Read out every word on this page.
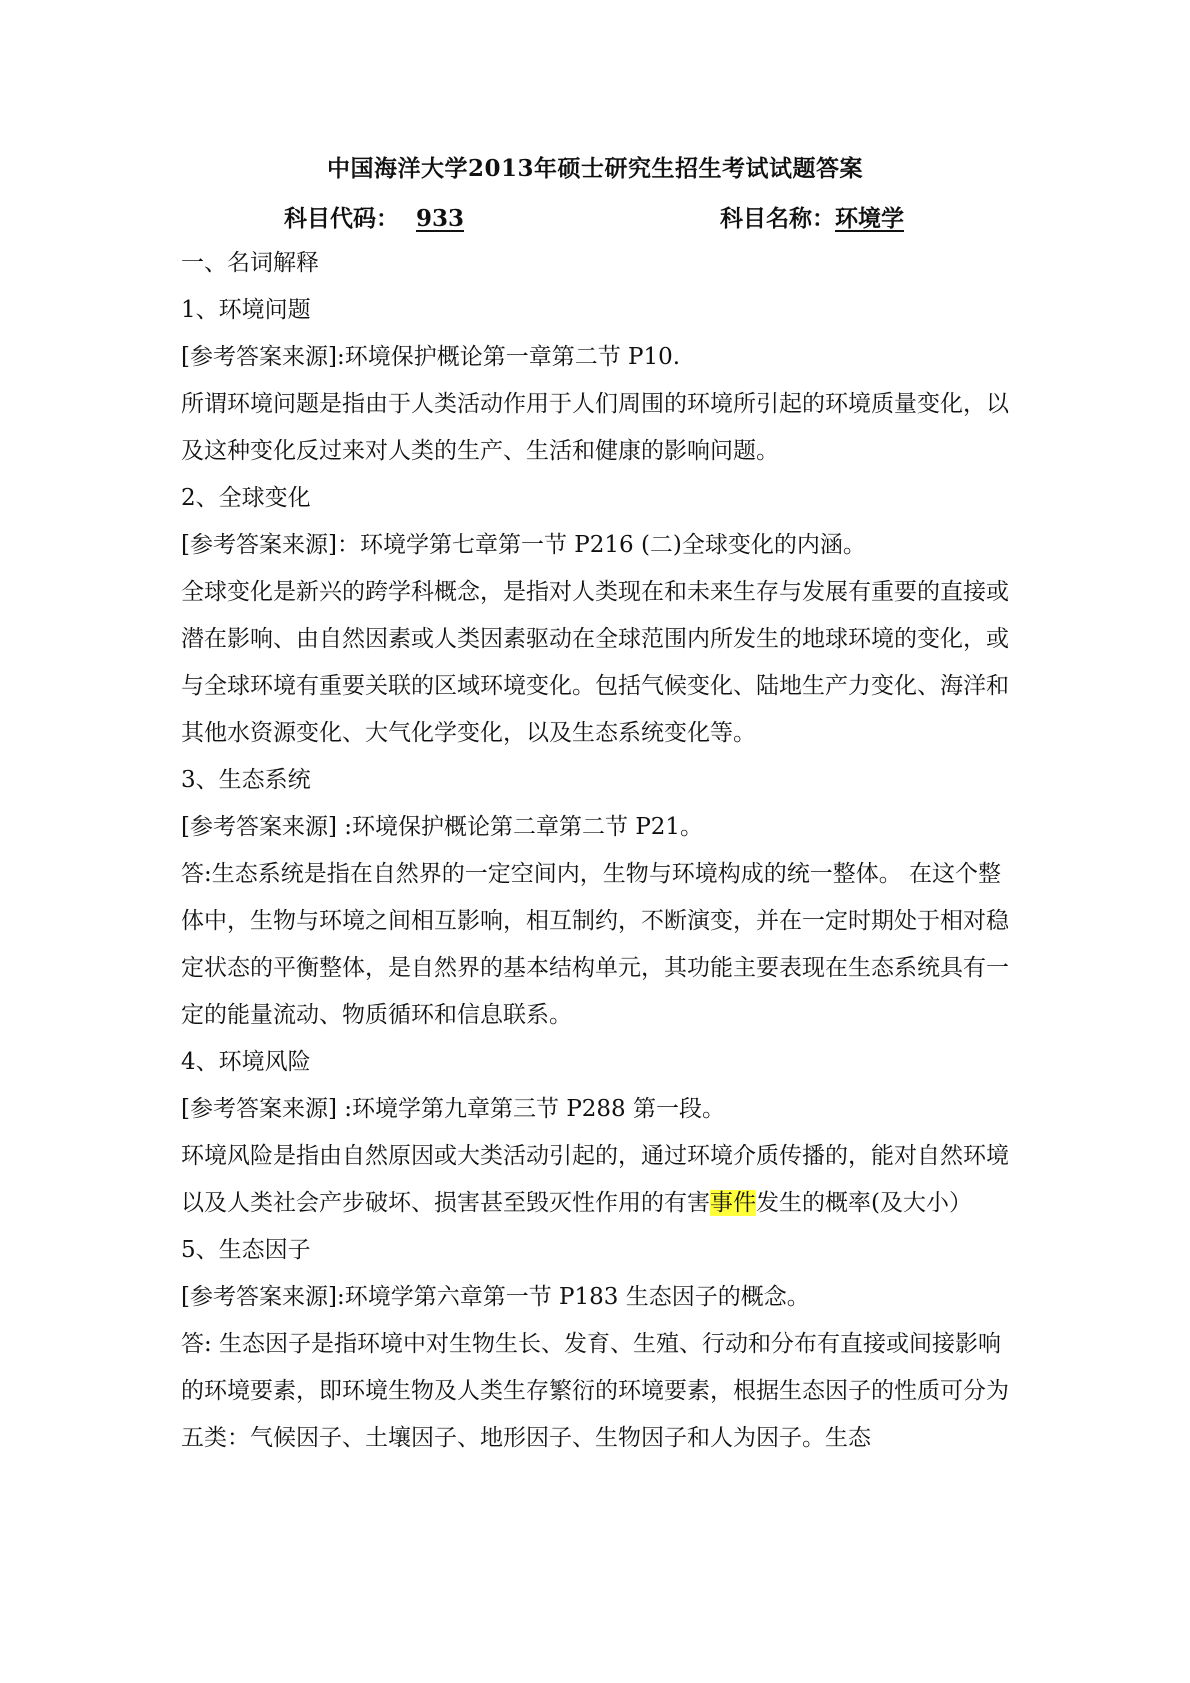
中国海洋大学2013年硕士研究生招生考试试题答案
科目代码： 933	科目名称：环境学

一、名词解释

1、环境问题

[参考答案来源]:环境保护概论第一章第二节 P10.

所谓环境问题是指由于人类活动作用于人们周围的环境所引起的环境质量变化，以及这种变化反过来对人类的生产、生活和健康的影响问题。

2、全球变化

[参考答案来源]：环境学第七章第一节 P216 (二)全球变化的内涵。

全球变化是新兴的跨学科概念，是指对人类现在和未来生存与发展有重要的直接或潜在影响、由自然因素或人类因素驱动在全球范围内所发生的地球环境的变化，或与全球环境有重要关联的区域环境变化。包括气候变化、陆地生产力变化、海洋和其他水资源变化、大气化学变化，以及生态系统变化等。

3、生态系统

[参考答案来源] :环境保护概论第二章第二节 P21。

答:生态系统是指在自然界的一定空间内，生物与环境构成的统一整体。 在这个整体中，生物与环境之间相互影响，相互制约，不断演变，并在一定时期处于相对稳定状态的平衡整体，是自然界的基本结构单元，其功能主要表现在生态系统具有一定的能量流动、物质循环和信息联系。

4、环境风险

[参考答案来源] :环境学第九章第三节 P288 第一段。

环境风险是指由自然原因或大类活动引起的，通过环境介质传播的，能对自然环境以及人类社会产步破坏、损害甚至毁灭性作用的有害事件发生的概率(及大小）

5、生态因子

[参考答案来源]:环境学第六章第一节 P183 生态因子的概念。

答: 生态因子是指环境中对生物生长、发育、生殖、行动和分布有直接或间接影响的环境要素，即环境生物及人类生存繁衍的环境要素，根据生态因子的性质可分为五类：气候因子、土壤因子、地形因子、生物因子和人为因子。生态
